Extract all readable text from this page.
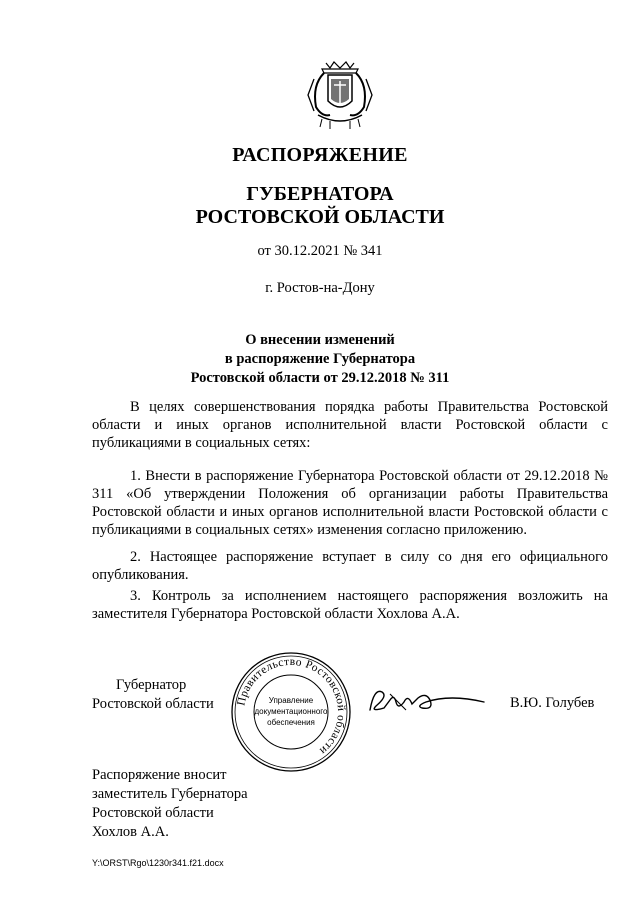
РАСПОРЯЖЕНИЕ
ГУБЕРНАТОРА
РОСТОВСКОЙ ОБЛАСТИ
от 30.12.2021 № 341
г. Ростов-на-Дону
О внесении изменений
в распоряжение Губернатора
Ростовской области от 29.12.2018 № 311
В целях совершенствования порядка работы Правительства Ростовской области и иных органов исполнительной власти Ростовской области с публикациями в социальных сетях:
1. Внести в распоряжение Губернатора Ростовской области от 29.12.2018 № 311 «Об утверждении Положения об организации работы Правительства Ростовской области и иных органов исполнительной власти Ростовской области с публикациями в социальных сетях» изменения согласно приложению.
2. Настоящее распоряжение вступает в силу со дня его официального опубликования.
3. Контроль за исполнением настоящего распоряжения возложить на заместителя Губернатора Ростовской области Хохлова А.А.
Губернатор
Ростовской области Правительство Ростовской области
Управление
документационного
обеспечения
В.Ю. Голубев
Распоряжение вносит
заместитель Губернатора
Ростовской области
Хохлов А.А.
Y:\ORST\Rgo\1230r341.f21.docx
